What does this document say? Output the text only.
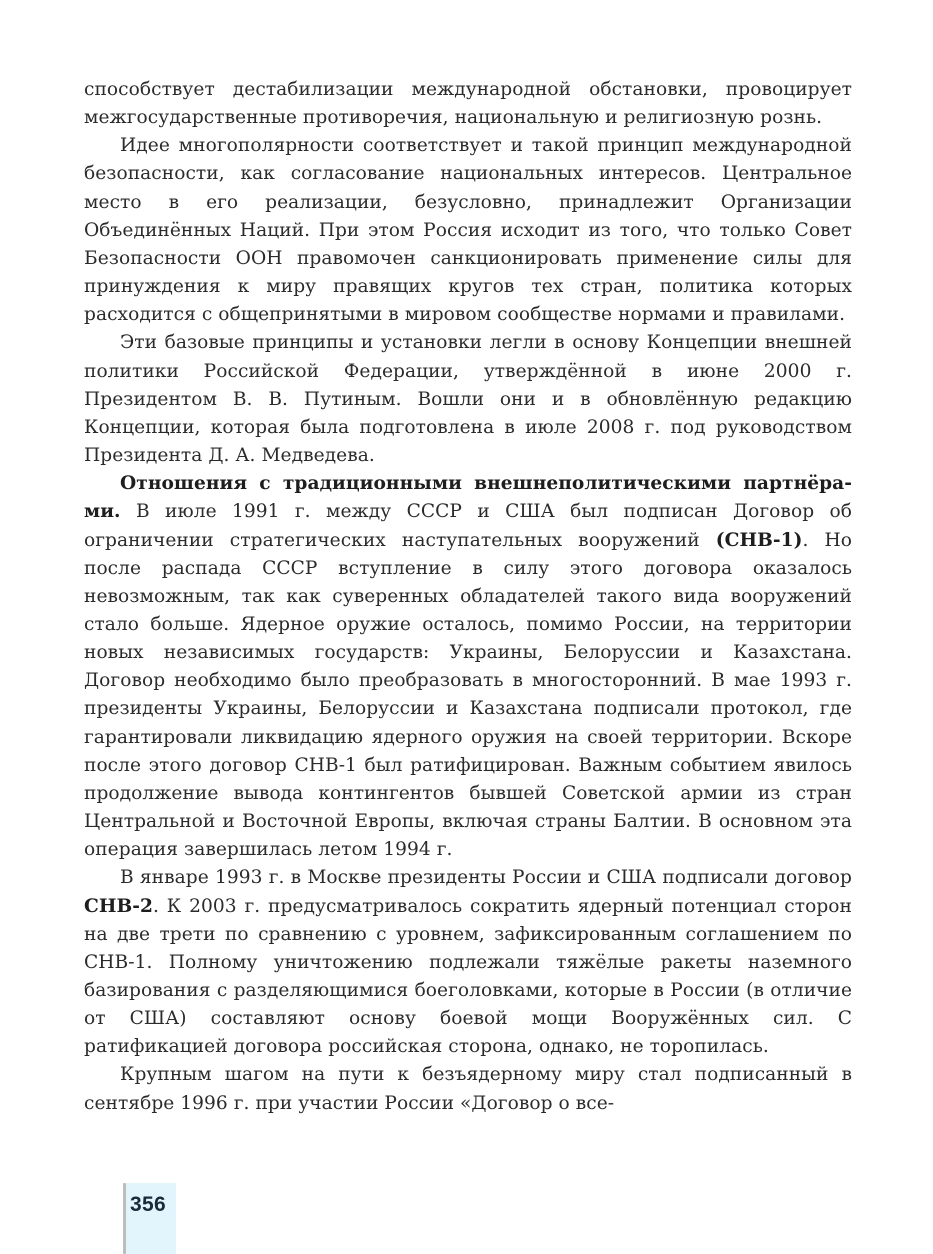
способствует дестабилизации международной обстановки, провоцирует межгосударственные противоречия, национальную и религиозную рознь.

Идее многополярности соответствует и такой принцип международной безопасности, как согласование национальных интересов. Центральное место в его реализации, безусловно, принадлежит Организации Объединённых Наций. При этом Россия исходит из того, что только Совет Безопасности ООН правомочен санкционировать применение силы для принуждения к миру правящих кругов тех стран, политика которых расходится с общепринятыми в мировом сообществе нормами и правилами.

Эти базовые принципы и установки легли в основу Концепции внешней политики Российской Федерации, утверждённой в июне 2000 г. Президентом В. В. Путиным. Вошли они и в обновлённую редакцию Концепции, которая была подготовлена в июле 2008 г. под руководством Президента Д. А. Медведева.

Отношения с традиционными внешнеполитическими партнёрами. В июле 1991 г. между СССР и США был подписан Договор об ограничении стратегических наступательных вооружений (СНВ-1). Но после распада СССР вступление в силу этого договора оказалось невозможным, так как суверенных обладателей такого вида вооружений стало больше. Ядерное оружие осталось, помимо России, на территории новых независимых государств: Украины, Белоруссии и Казахстана. Договор необходимо было преобразовать в многосторонний. В мае 1993 г. президенты Украины, Белоруссии и Казахстана подписали протокол, где гарантировали ликвидацию ядерного оружия на своей территории. Вскоре после этого договор СНВ-1 был ратифицирован. Важным событием явилось продолжение вывода контингентов бывшей Советской армии из стран Центральной и Восточной Европы, включая страны Балтии. В основном эта операция завершилась летом 1994 г.

В январе 1993 г. в Москве президенты России и США подписали договор СНВ-2. К 2003 г. предусматривалось сократить ядерный потенциал сторон на две трети по сравнению с уровнем, зафиксированным соглашением по СНВ-1. Полному уничтожению подлежали тяжёлые ракеты наземного базирования с разделяющимися боеголовками, которые в России (в отличие от США) составляют основу боевой мощи Вооружённых сил. С ратификацией договора российская сторона, однако, не торопилась.

Крупным шагом на пути к безъядерному миру стал подписанный в сентябре 1996 г. при участии России «Договор о все-

356
